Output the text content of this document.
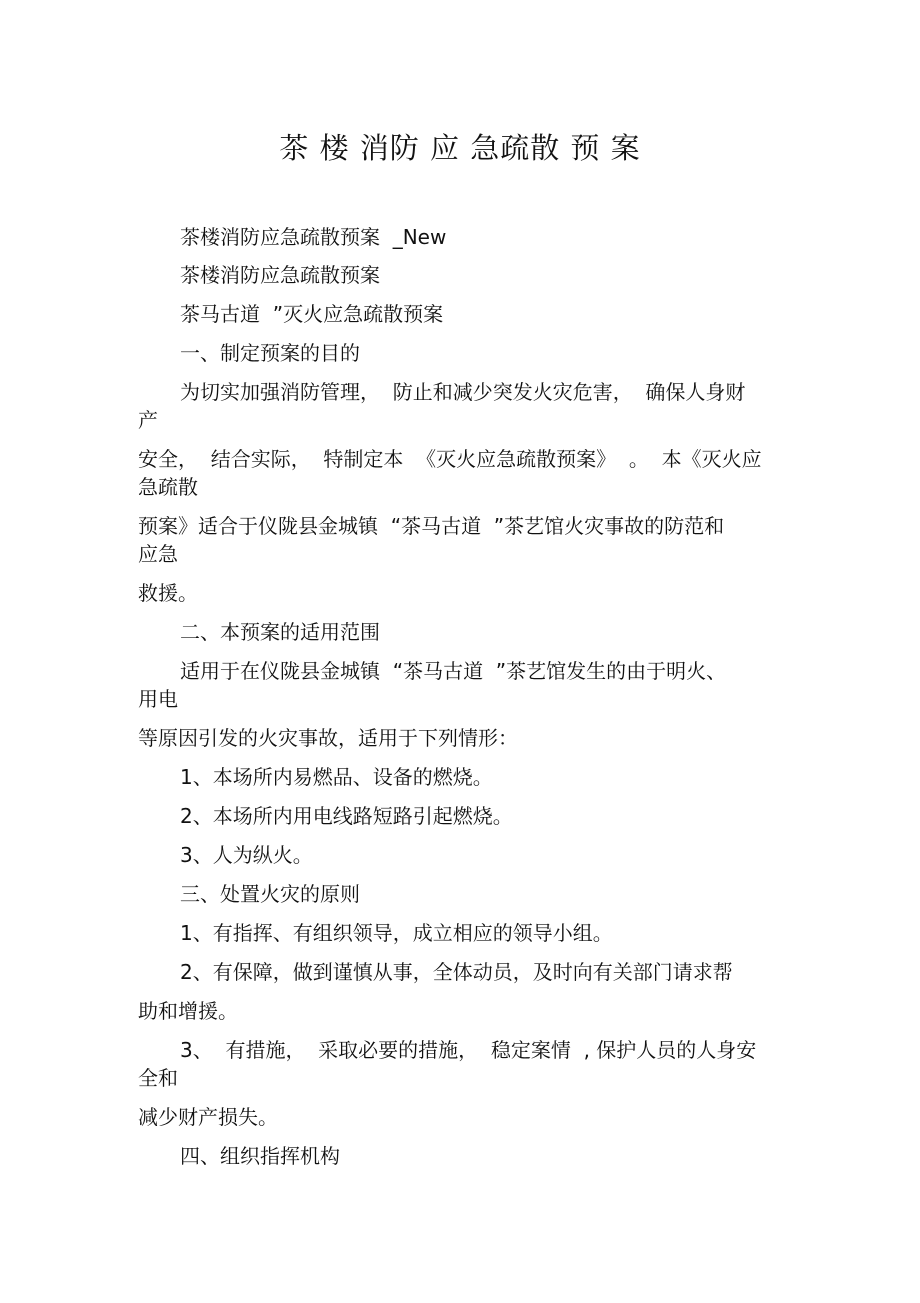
茶 楼 消防 应 急疏散 预 案
茶楼消防应急疏散预案  _New
茶楼消防应急疏散预案
茶马古道  ”灭火应急疏散预案
一、制定预案的目的
为切实加强消防管理，  防止和减少突发火灾危害，  确保人身财
产
安全，  结合实际，  特制定本  《灭火应急疏散预案》  。  本《灭火应
急疏散
预案》适合于仪陇县金城镇  “茶马古道  ”茶艺馆火灾事故的防范和
应急
救援。
二、本预案的适用范围
适用于在仪陇县金城镇  “茶马古道  ”茶艺馆发生的由于明火、
用电
等原因引发的火灾事故，适用于下列情形：
1、本场所内易燃品、设备的燃烧。
2、本场所内用电线路短路引起燃烧。
3、人为纵火。
三、处置火灾的原则
1、有指挥、有组织领导，成立相应的领导小组。
2、有保障，做到谨慎从事，全体动员，及时向有关部门请求帮
助和增援。
3、  有措施，  采取必要的措施，  稳定案情  , 保护人员的人身安
全和
减少财产损失。
四、组织指挥机构
